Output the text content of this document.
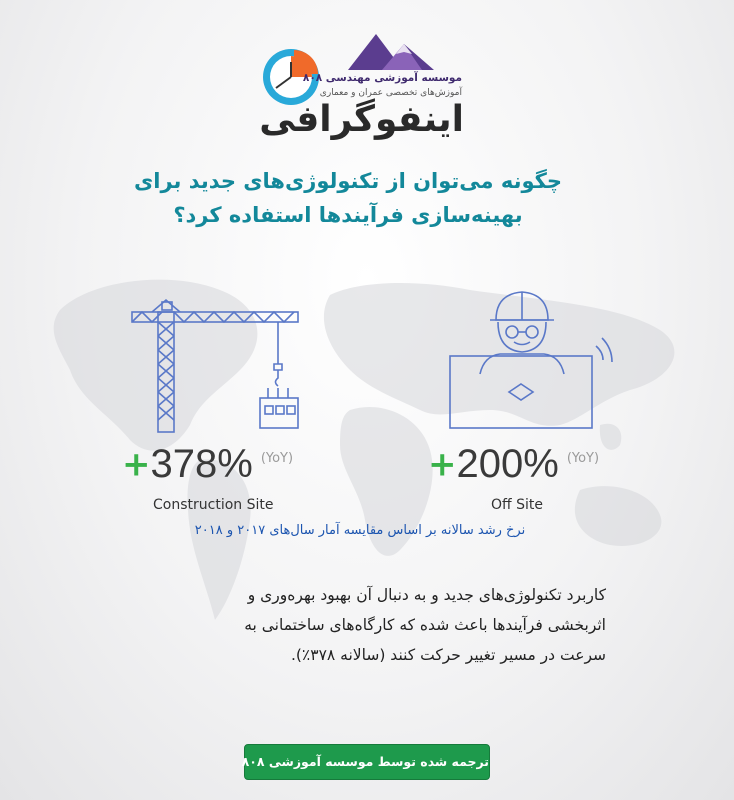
موسسه آموزشی مهندسی ۸۰۸
آموزش‌های تخصصی عمران و معماری
اینفوگرافی
چگونه می‌توان از تکنولوژی‌های جدید برای
بهینه‌سازی فرآیندها استفاده کرد؟
+378% $^{(YoY)}$
Construction Site
+200% $^{(YoY)}$
Off Site
نرخ رشد سالانه بر اساس مقایسه آمار سال‌های ۲۰۱۷ و ۲۰۱۸
کاربرد تکنولوژی‌های جدید و به دنبال آن بهبود بهره‌وری و
اثربخشی فرآیندها باعث شده که کارگاه‌های ساختمانی به
سرعت در مسیر تغییر حرکت کنند (سالانه ۳۷۸٪).
ترجمه شده توسط موسسه آموزشی ۸۰۸
